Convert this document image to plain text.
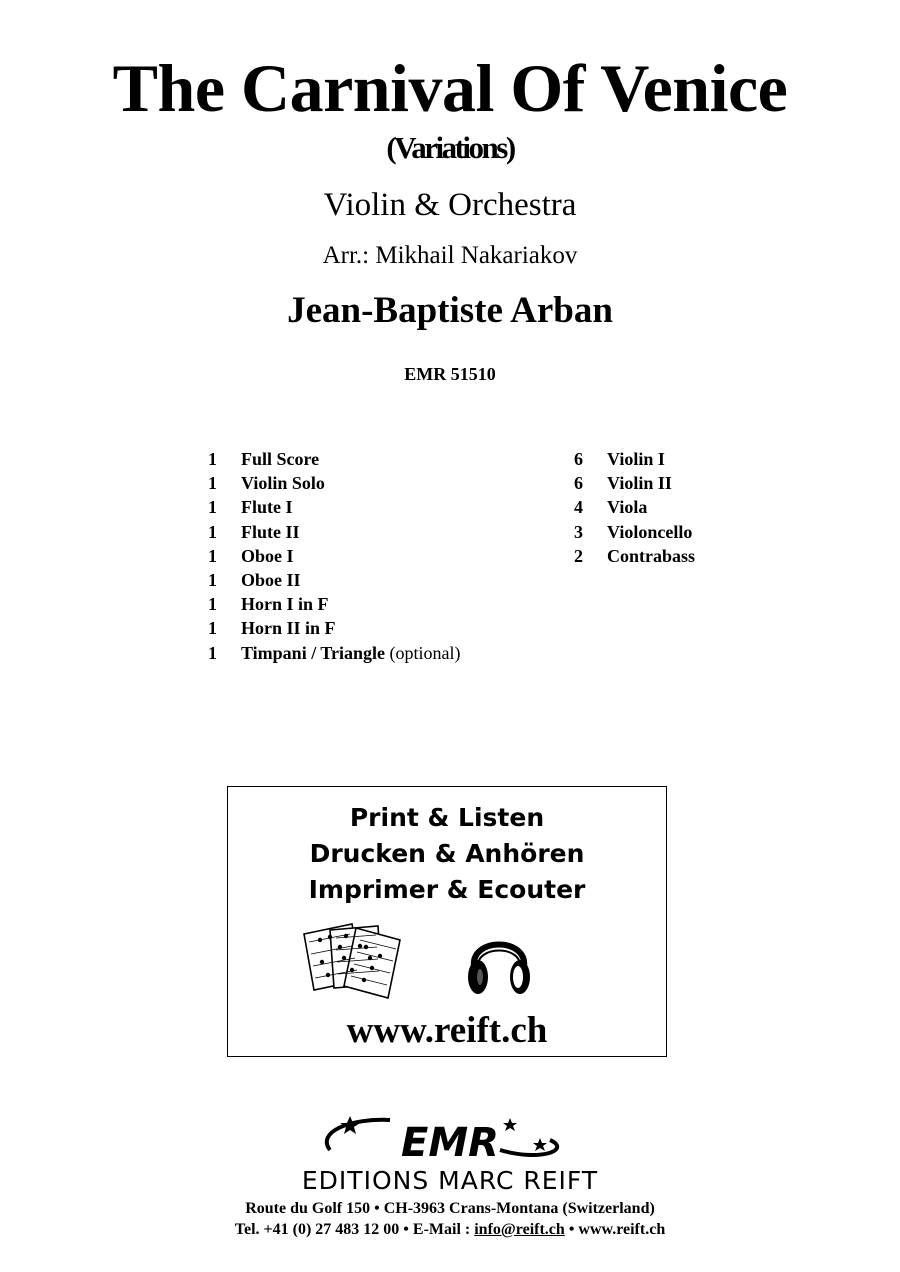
The Carnival Of Venice
(Variations)
Violin & Orchestra
Arr.: Mikhail Nakariakov
Jean-Baptiste Arban
EMR 51510
1 Full Score
1 Violin Solo
1 Flute I
1 Flute II
1 Oboe I
1 Oboe II
1 Horn I in F
1 Horn II in F
1 Timpani / Triangle (optional)
6 Violin I
6 Violin II
4 Viola
3 Violoncello
2 Contrabass
Print & Listen
Drucken & Anhören
Imprimer & Ecouter
www.reift.ch
EMR
EDITIONS MARC REIFT
Route du Golf 150 • CH-3963 Crans-Montana (Switzerland)
Tel. +41 (0) 27 483 12 00 • E-Mail : info@reift.ch • www.reift.ch
